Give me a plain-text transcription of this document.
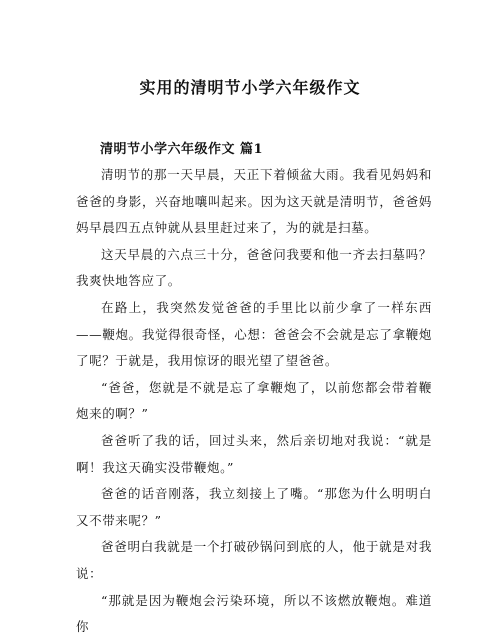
实用的清明节小学六年级作文
清明节小学六年级作文 篇1

清明节的那一天早晨，天正下着倾盆大雨。我看见妈妈和爸爸的身影，兴奋地嚷叫起来。因为这天就是清明节，爸爸妈妈早晨四五点钟就从县里赶过来了，为的就是扫墓。

这天早晨的六点三十分，爸爸问我要和他一齐去扫墓吗？我爽快地答应了。

在路上，我突然发觉爸爸的手里比以前少拿了一样东西——鞭炮。我觉得很奇怪，心想：爸爸会不会就是忘了拿鞭炮了呢？于就是，我用惊讶的眼光望了望爸爸。

“爸爸，您就是不就是忘了拿鞭炮了，以前您都会带着鞭炮来的啊？”

爸爸听了我的话，回过头来，然后亲切地对我说：“就是啊！我这天确实没带鞭炮。”

爸爸的话音刚落，我立刻接上了嘴。“那您为什么明明白又不带来呢？”

爸爸明白我就是一个打破砂锅问到底的人，他于就是对我说：

“那就是因为鞭炮会污染环境，所以不该燃放鞭炮。难道你
